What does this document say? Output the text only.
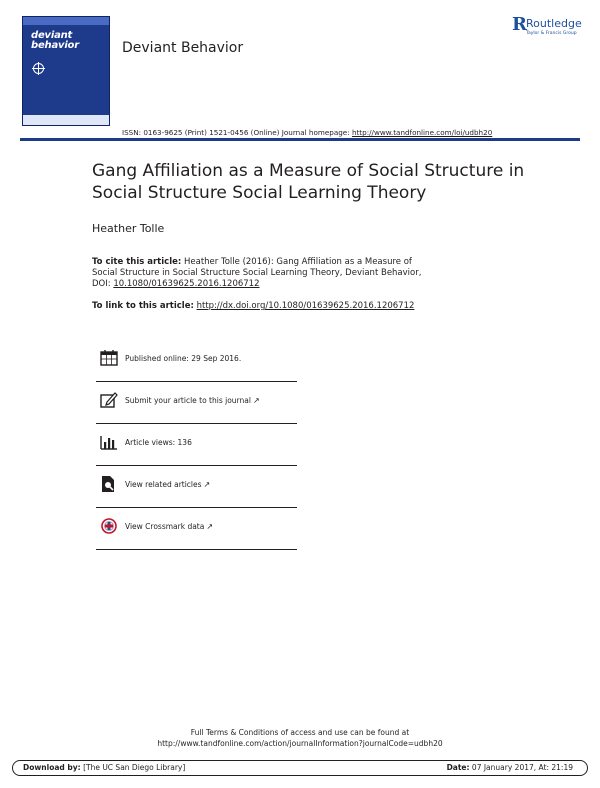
deviant behavior	Deviant Behavior
R Routledge
Taylor & Francis Group
ISSN: 0163-9625 (Print) 1521-0456 (Online) Journal homepage: http://www.tandfonline.com/loi/udbh20
Gang Affiliation as a Measure of Social Structure in Social Structure Social Learning Theory
Heather Tolle
To cite this article: Heather Tolle (2016): Gang Affiliation as a Measure of Social Structure in Social Structure Social Learning Theory, Deviant Behavior, DOI: 10.1080/01639625.2016.1206712
To link to this article: http://dx.doi.org/10.1080/01639625.2016.1206712
Published online: 29 Sep 2016.
Submit your article to this journal ↗
Article views: 136
View related articles ↗
View Crossmark data ↗
Full Terms & Conditions of access and use can be found at
http://www.tandfonline.com/action/journalInformation?journalCode=udbh20
Download by: [The UC San Diego Library]	Date: 07 January 2017, At: 21:19
